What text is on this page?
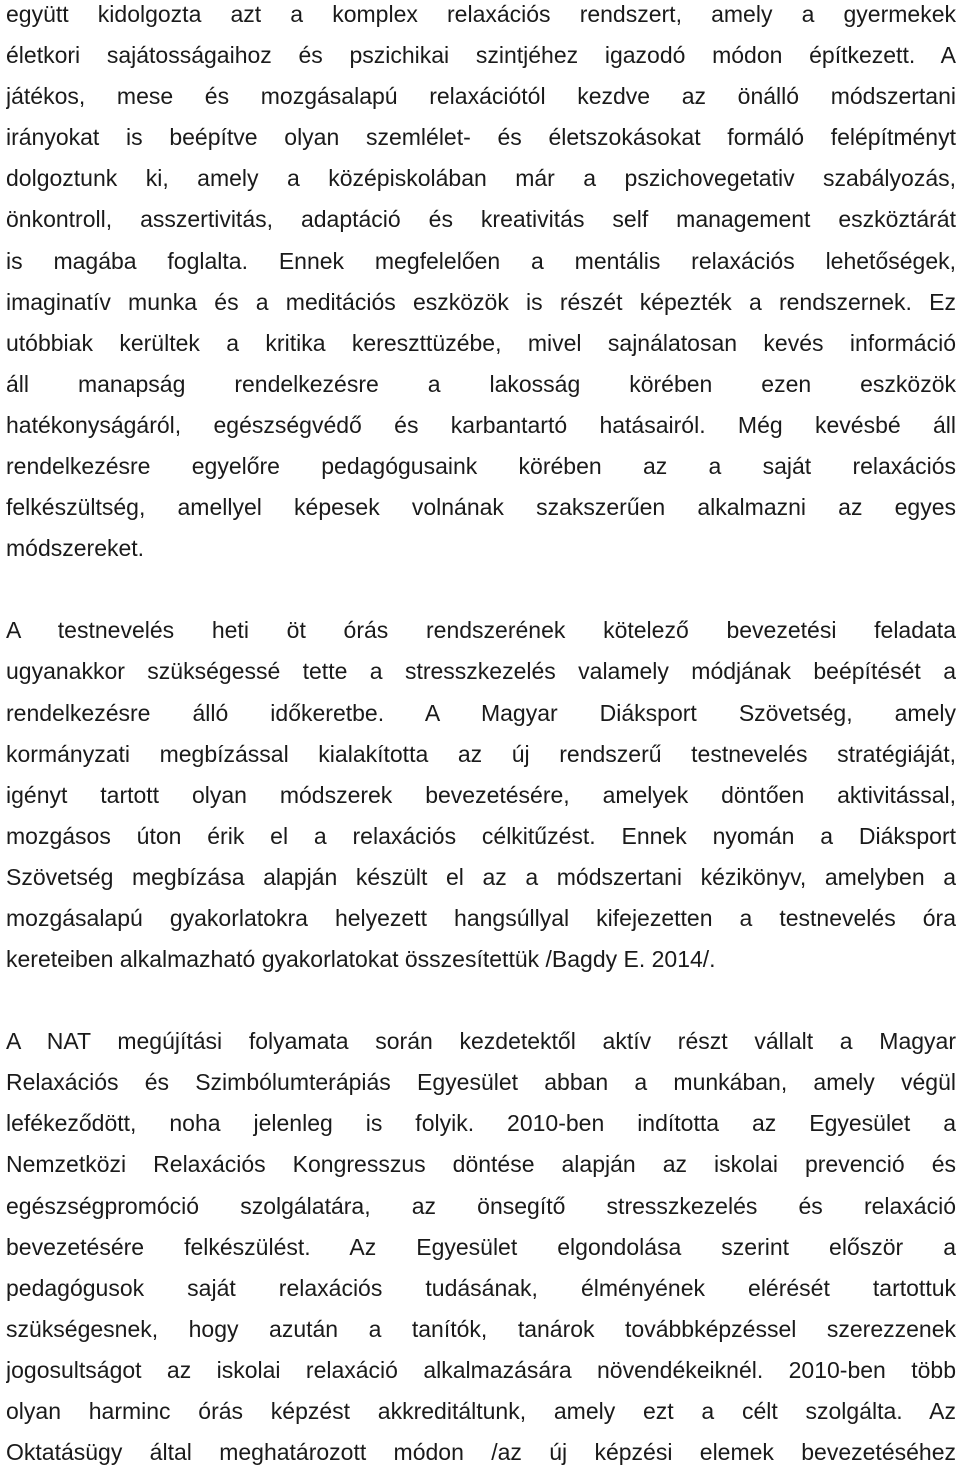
együtt kidolgozta azt a komplex relaxációs rendszert, amely a gyermekek
életkori sajátosságaihoz és pszichikai szintjéhez igazodó módon építkezett. A
játékos, mese és mozgásalapú relaxációtól kezdve az önálló módszertani
irányokat is beépítve olyan szemlélet- és életszokásokat formáló felépítményt
dolgoztunk ki, amely a középiskolában már a pszichovegetativ szabályozás,
önkontroll, asszertivitás, adaptáció és kreativitás self management eszköztárát
is magába foglalta. Ennek megfelelően a mentális relaxációs lehetőségek,
imaginatív munka és a meditációs eszközök is részét képezték a rendszernek. Ez
utóbbiak kerültek a kritika kereszttüzébe, mivel sajnálatosan kevés információ
áll manapság rendelkezésre a lakosság körében ezen eszközök
hatékonyságáról, egészségvédő és karbantartó hatásairól. Még kevésbé áll
rendelkezésre egyelőre pedagógusaink körében az a saját relaxációs
felkészültség, amellyel képesek volnának szakszerűen alkalmazni az egyes
módszereket.
A testnevelés heti öt órás rendszerének kötelező bevezetési feladata
ugyanakkor szükségessé tette a stresszkezelés valamely módjának beépítését a
rendelkezésre álló időkeretbe. A Magyar Diáksport Szövetség, amely
kormányzati megbízással kialakította az új rendszerű testnevelés stratégiáját,
igényt tartott olyan módszerek bevezetésére, amelyek döntően aktivitással,
mozgásos úton érik el a relaxációs célkitűzést. Ennek nyomán a Diáksport
Szövetség megbízása alapján készült el az a módszertani kézikönyv, amelyben a
mozgásalapú gyakorlatokra helyezett hangsúllyal kifejezetten a testnevelés óra
kereteiben alkalmazható gyakorlatokat összesítettük /Bagdy E. 2014/.
A NAT megújítási folyamata során kezdetektől aktív részt vállalt a Magyar
Relaxációs és Szimbólumterápiás Egyesület abban a munkában, amely végül
lefékeződött, noha jelenleg is folyik. 2010-ben indította az Egyesület a
Nemzetközi Relaxációs Kongresszus döntése alapján az iskolai prevenció és
egészségpromóció szolgálatára, az önsegítő stresszkezelés és relaxáció
bevezetésére felkészülést. Az Egyesület elgondolása szerint először a
pedagógusok saját relaxációs tudásának, élményének elérését tartottuk
szükségesnek, hogy azután a tanítók, tanárok továbbképzéssel szerezzenek
jogosultságot az iskolai relaxáció alkalmazására növendékeiknél. 2010-ben több
olyan harminc órás képzést akkreditáltunk, amely ezt a célt szolgálta. Az
Oktatásügy által meghatározott módon /az új képzési elemek bevezetéséhez
